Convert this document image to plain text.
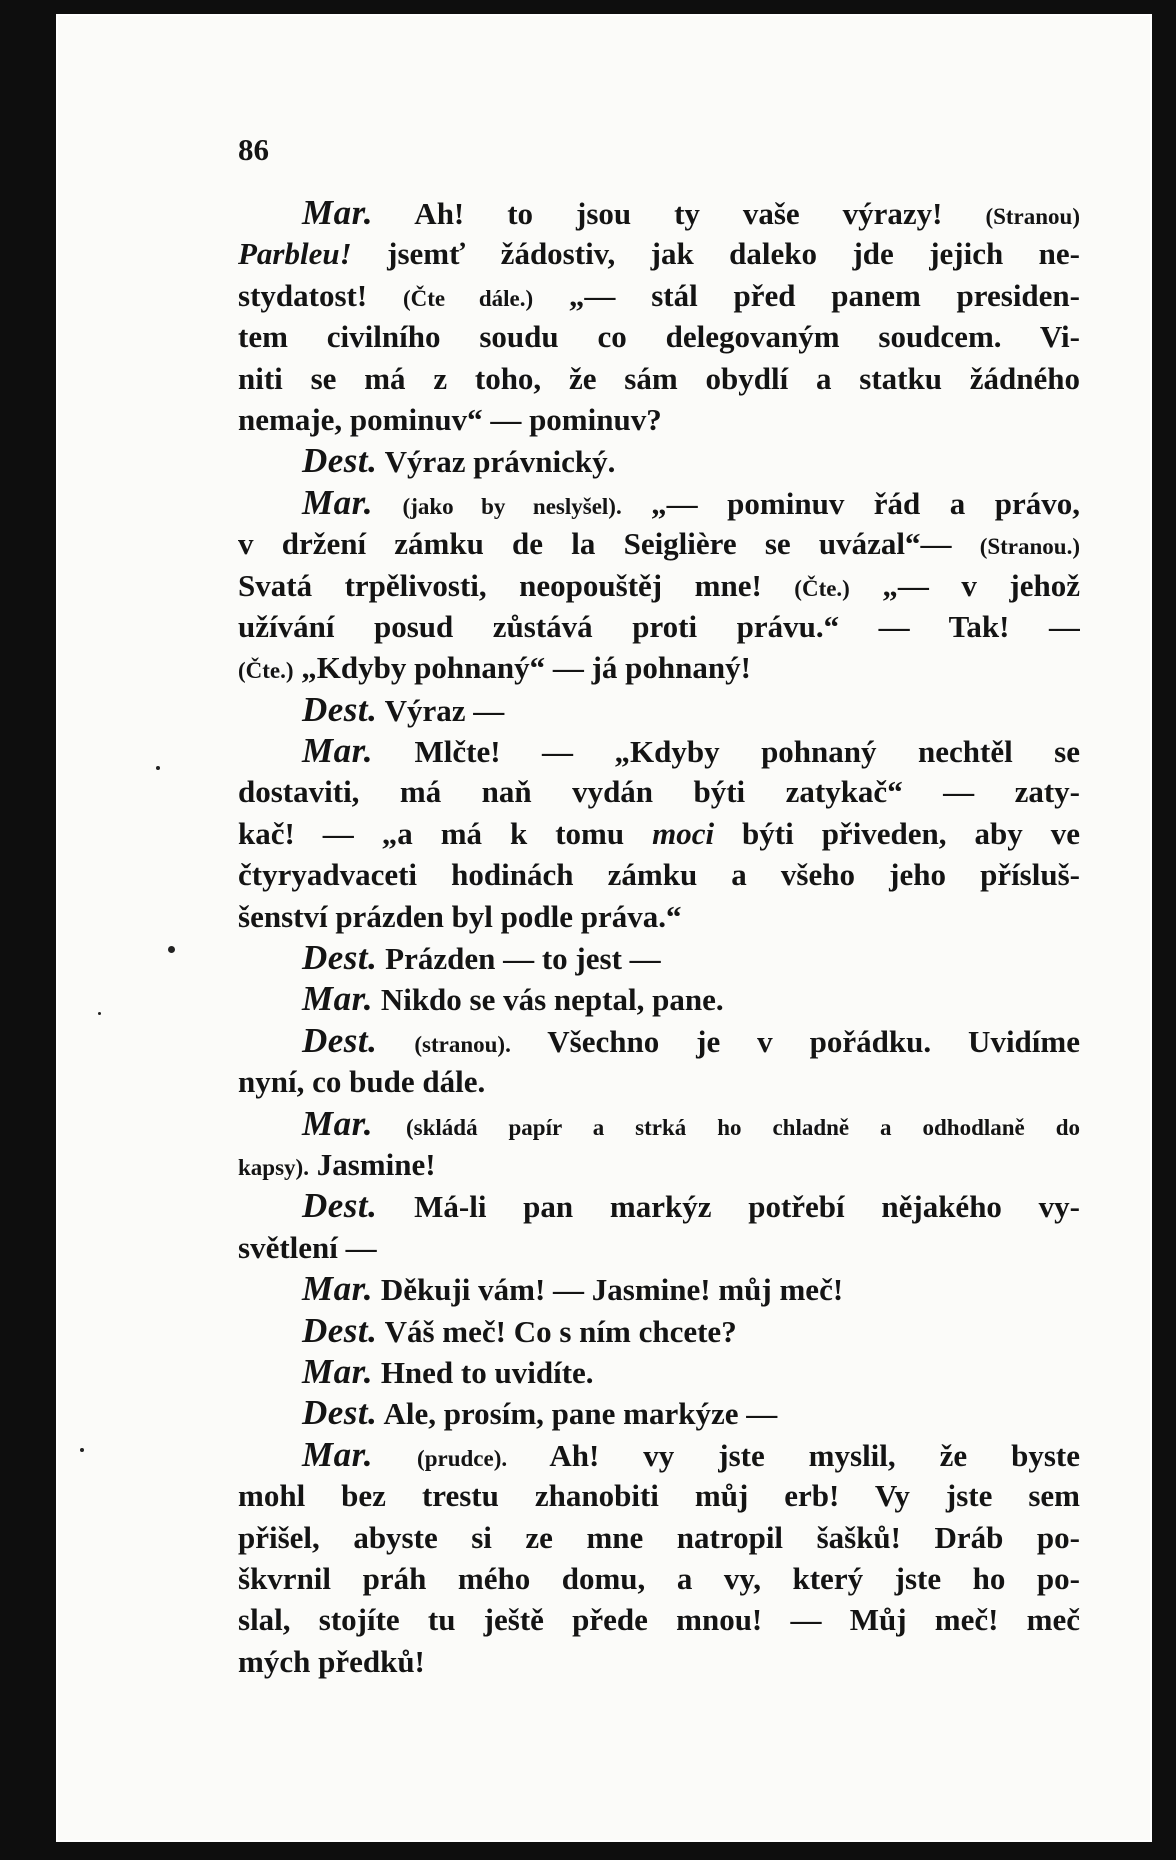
86

Mar. Ah! to jsou ty vaše výrazy! (Stranou)
Parbleu! jsemť žádostiv, jak daleko jde jejich ne-
stydatost! (Čte dále.) „— stál před panem presiden-
tem civilního soudu co delegovaným soudcem. Vi-
niti se má z toho, že sám obydlí a statku žádného
nemaje, pominuv“ — pominuv?
Dest. Výraz právnický.
Mar. (jako by neslyšel). „— pominuv řád a právo,
v držení zámku de la Seiglière se uvázal“— (Stranou.)
Svatá trpělivosti, neopouštěj mne! (Čte.) „— v jehož
užívání posud zůstává proti právu.“ — Tak! —
(Čte.) „Kdyby pohnaný“ — já pohnaný!
Dest. Výraz —
Mar. Mlčte! — „Kdyby pohnaný nechtěl se
dostaviti, má naň vydán býti zatykač“ — zaty-
kač! — „a má k tomu moci býti přiveden, aby ve
čtyryadvaceti hodinách zámku a všeho jeho přísluš-
šenství prázden byl podle práva.“
Dest. Prázden — to jest —
Mar. Nikdo se vás neptal, pane.
Dest. (stranou). Všechno je v pořádku. Uvidíme
nyní, co bude dále.
Mar. (skládá papír a strká ho chladně a odhodlaně do
kapsy). Jasmine!
Dest. Má-li pan markýz potřebí nějakého vy-
světlení —
Mar. Děkuji vám! — Jasmine! můj meč!
Dest. Váš meč! Co s ním chcete?
Mar. Hned to uvidíte.
Dest. Ale, prosím, pane markýze —
Mar. (prudce). Ah! vy jste myslil, že byste
mohl bez trestu zhanobiti můj erb! Vy jste sem
přišel, abyste si ze mne natropil šašků! Dráb po-
škvrnil práh mého domu, a vy, který jste ho po-
slal, stojíte tu ještě přede mnou! — Můj meč! meč
mých předků!
